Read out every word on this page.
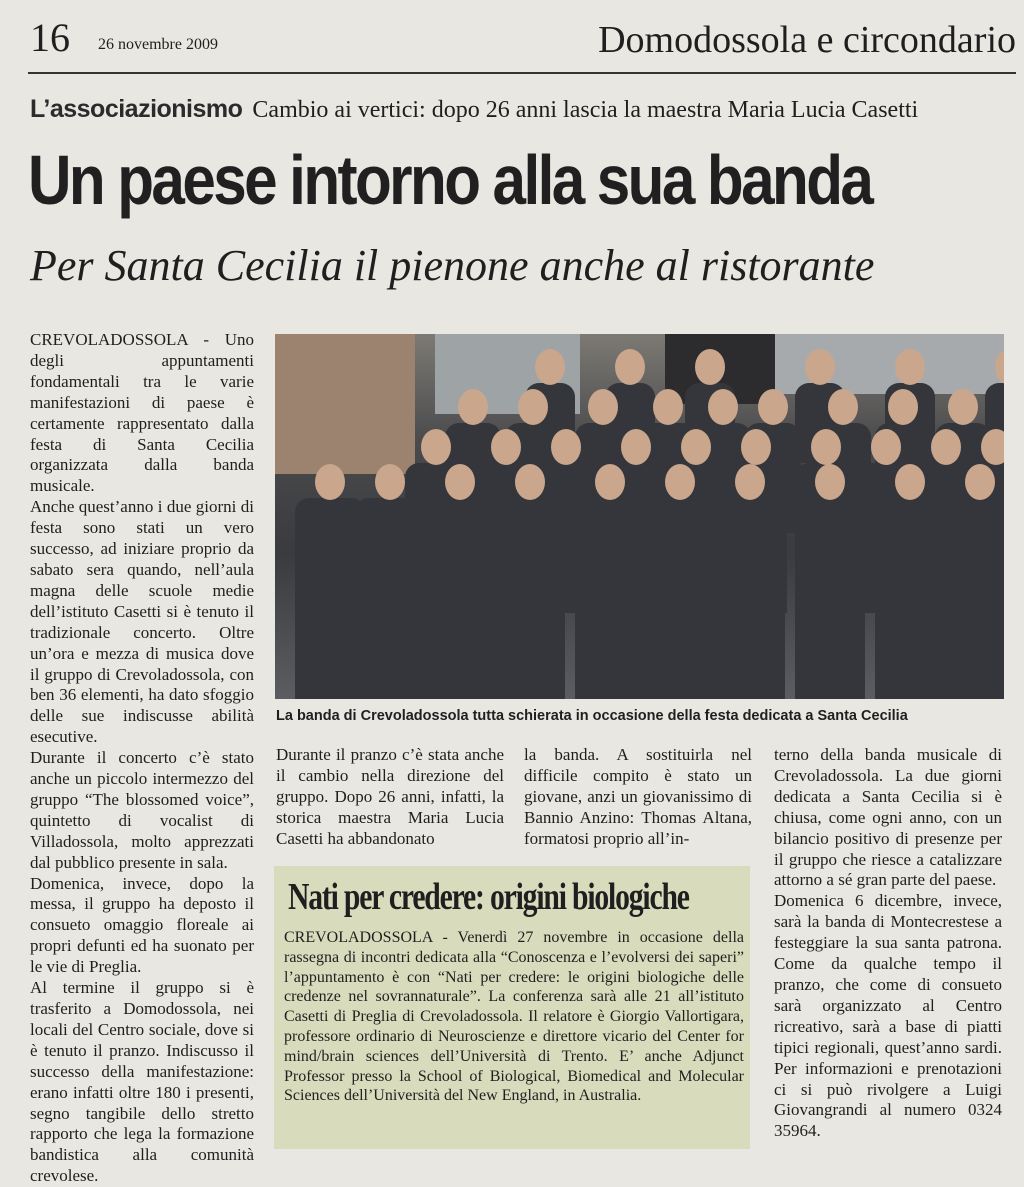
16 26 novembre 2009	Domodossola e circondario
L’associazionismo Cambio ai vertici: dopo 26 anni lascia la maestra Maria Lucia Casetti
Un paese intorno alla sua banda
Per Santa Cecilia il pienone anche al ristorante

CREVOLADOSSOLA - Uno degli appuntamenti fondamentali tra le varie manifestazioni di paese è certamente rappresentato dalla festa di Santa Cecilia organizzata dalla banda musicale.

Anche quest’anno i due giorni di festa sono stati un vero successo, ad iniziare proprio da sabato sera quando, nell’aula magna delle scuole medie dell’istituto Casetti si è tenuto il tradizionale concerto. Oltre un’ora e mezza di musica dove il gruppo di Crevoladossola, con ben 36 elementi, ha dato sfoggio delle sue indiscusse abilità esecutive.

Durante il concerto c’è stato anche un piccolo intermezzo del gruppo “The blossomed voice”, quintetto di vocalist di Villadossola, molto apprezzati dal pubblico presente in sala.

Domenica, invece, dopo la messa, il gruppo ha deposto il consueto omaggio floreale ai propri defunti ed ha suonato per le vie di Preglia.

Al termine il gruppo si è trasferito a Domodossola, nei locali del Centro sociale, dove si è tenuto il pranzo. Indiscusso il successo della manifestazione: erano infatti oltre 180 i presenti, segno tangibile dello stretto rapporto che lega la formazione bandistica alla comunità crevolese.

La banda di Crevoladossola tutta schierata in occasione della festa dedicata a Santa Cecilia

Durante il pranzo c’è stata anche il cambio nella direzione del gruppo. Dopo 26 anni, infatti, la storica maestra Maria Lucia Casetti ha abbandonato

la banda. A sostituirla nel difficile compito è stato un giovane, anzi un giovanissimo di Bannio Anzino: Thomas Altana, formatosi proprio all’in-

terno della banda musicale di Crevoladossola. La due giorni dedicata a Santa Cecilia si è chiusa, come ogni anno, con un bilancio positivo di presenze per il gruppo che riesce a catalizzare attorno a sé gran parte del paese.

Domenica 6 dicembre, invece, sarà la banda di Montecrestese a festeggiare la sua santa patrona. Come da qualche tempo il pranzo, che come di consueto sarà organizzato al Centro ricreativo, sarà a base di piatti tipici regionali, quest’anno sardi. Per informazioni e prenotazioni ci si può rivolgere a Luigi Giovangrandi al numero 0324 35964.

Nati per credere: origini biologiche

CREVOLADOSSOLA - Venerdì 27 novembre in occasione della rassegna di incontri dedicata alla “Conoscenza e l’evolversi dei saperi” l’appuntamento è con “Nati per credere: le origini biologiche delle credenze nel sovrannaturale”. La conferenza sarà alle 21 all’istituto Casetti di Preglia di Crevoladossola. Il relatore è Giorgio Vallortigara, professore ordinario di Neuroscienze e direttore vicario del Center for mind/brain sciences dell’Università di Trento. E’ anche Adjunct Professor presso la School of Biological, Biomedical and Molecular Sciences dell’Università del New England, in Australia.
